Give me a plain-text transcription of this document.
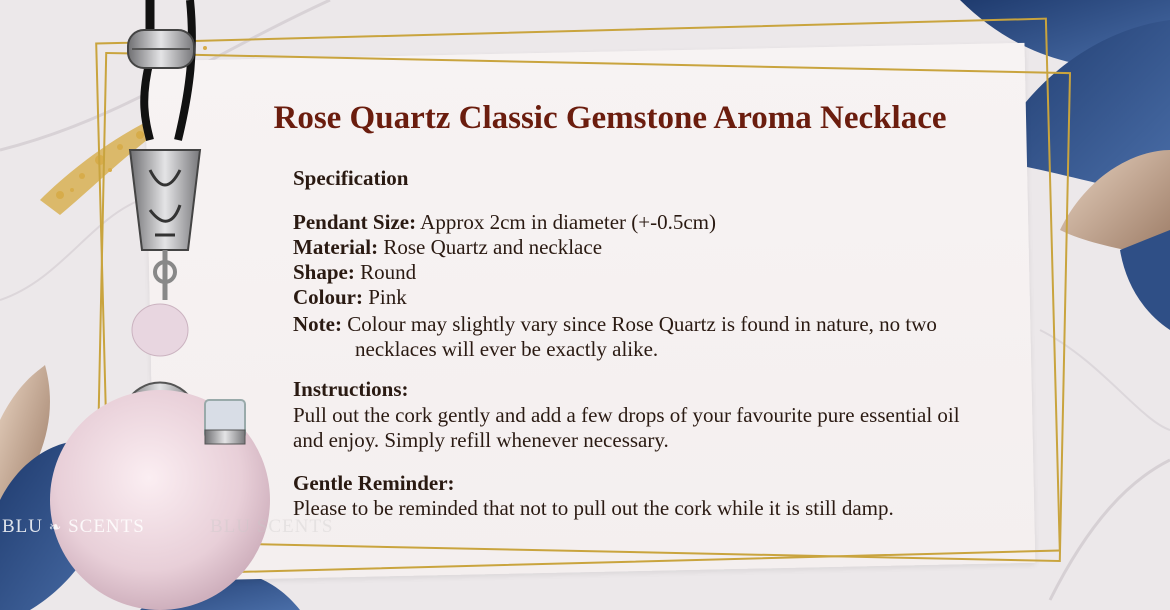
Rose Quartz Classic Gemstone Aroma Necklace
Specification
Pendant Size: Approx 2cm in diameter (+-0.5cm)
Material: Rose Quartz and necklace
Shape: Round
Colour: Pink
Note: Colour may slightly vary since Rose Quartz is found in nature, no two
necklaces will ever be exactly alike.
Instructions:
Pull out the cork gently and add a few drops of your favourite pure essential oil
and enjoy. Simply refill whenever necessary.
Gentle Reminder:
Please to be reminded that not to pull out the cork while it is still damp.
BLU ❧ SCENTS	BLU SCENTS
